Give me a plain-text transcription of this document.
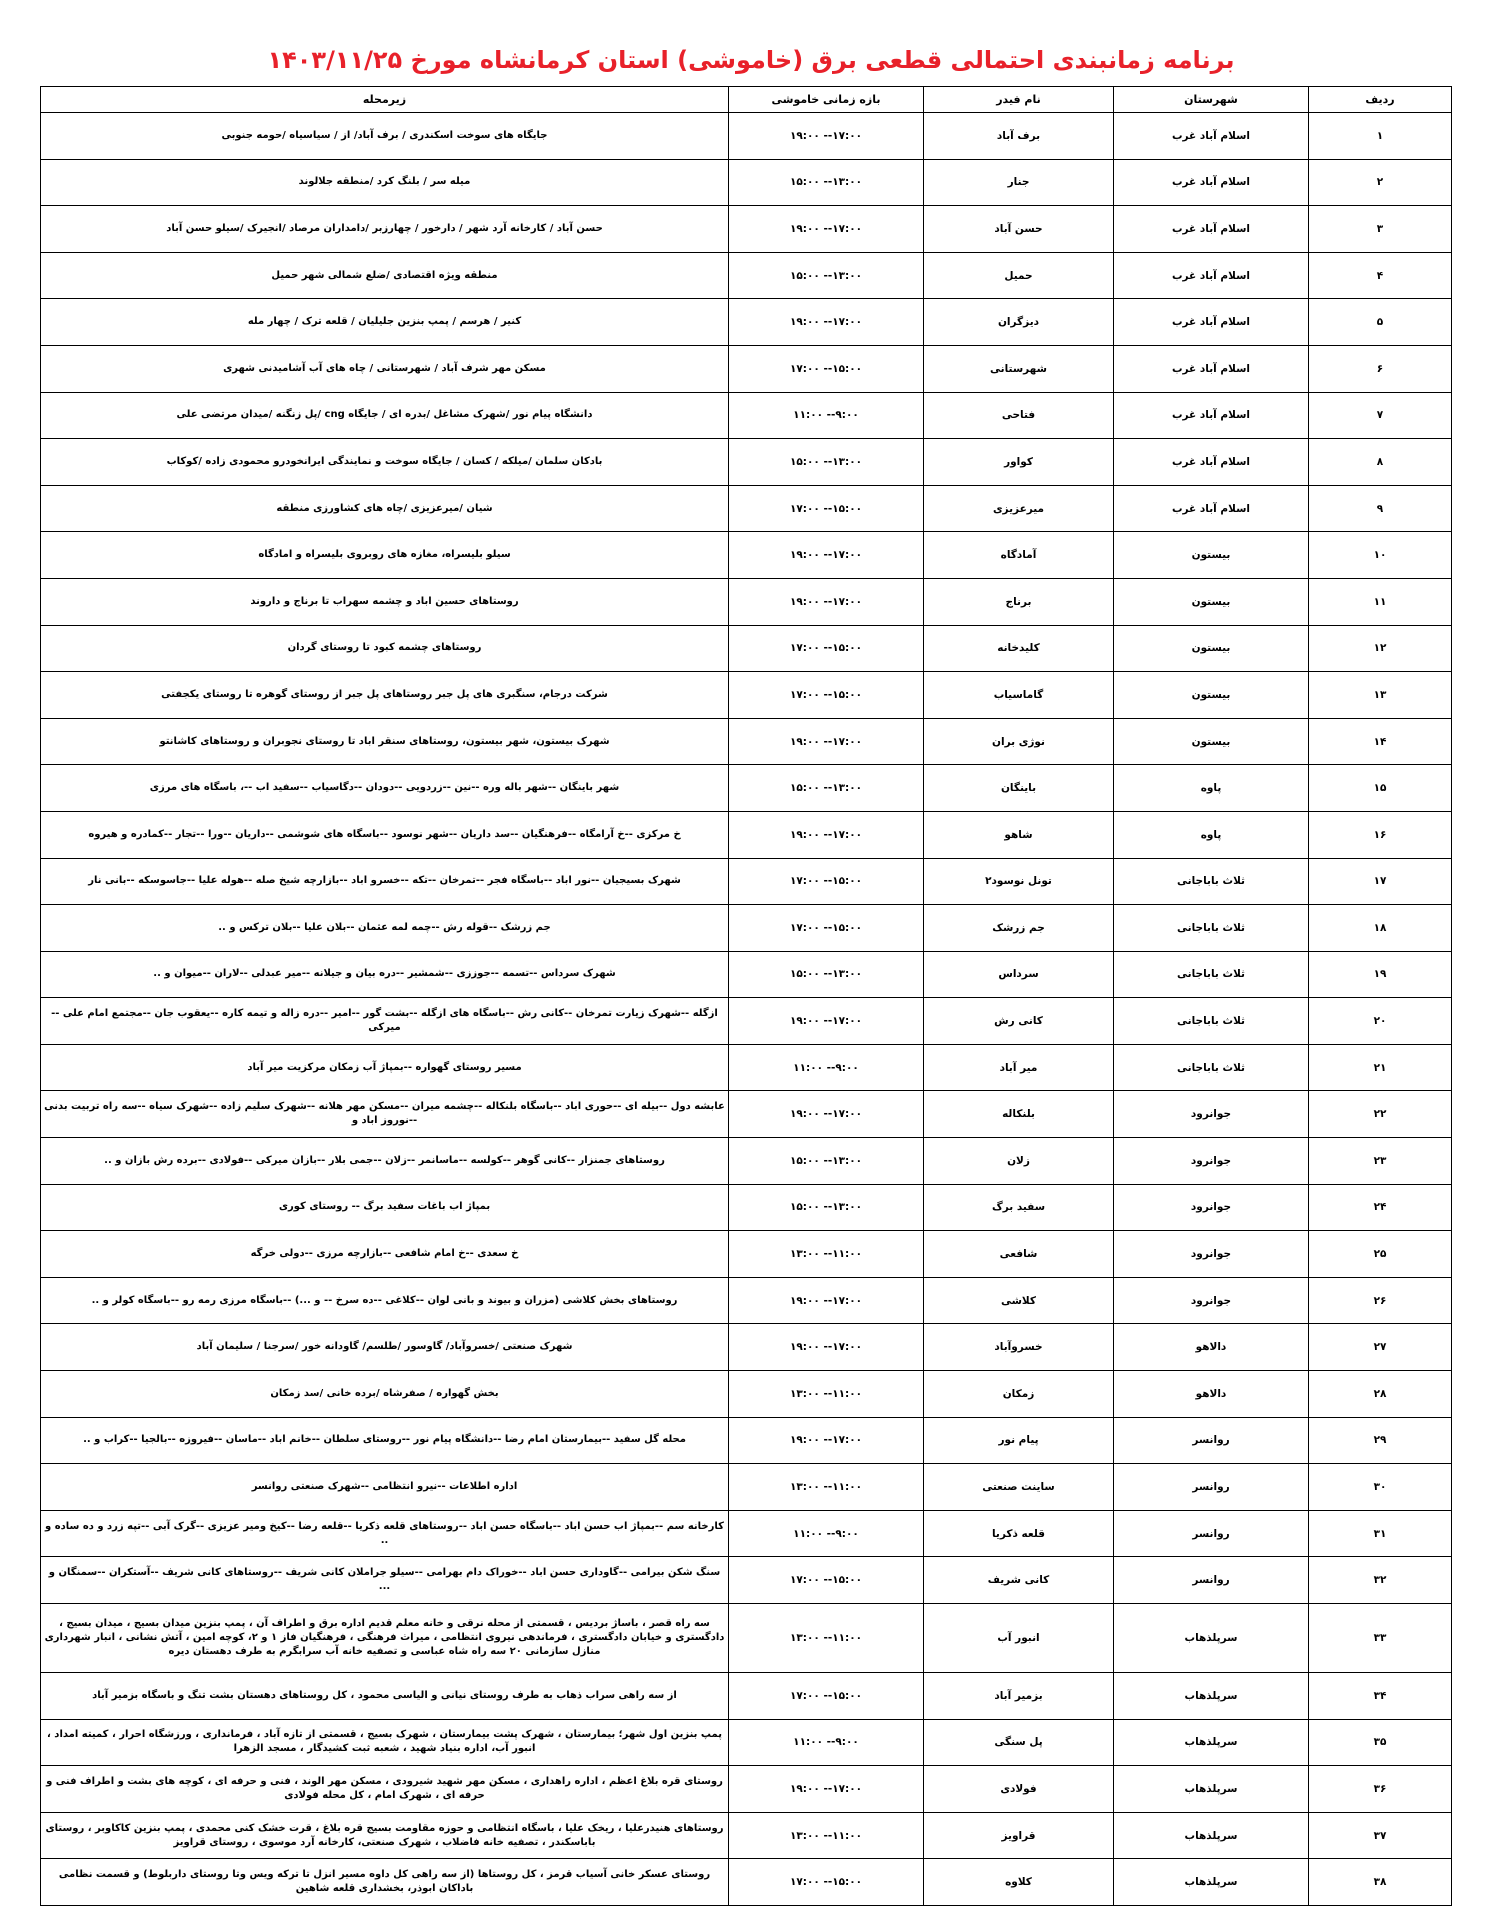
برنامه زمانبندی احتمالی قطعی برق (خاموشی) استان کرمانشاه مورخ ۱۴۰۳/۱۱/۲۵
ردیف	شهرستان	نام فیدر	بازه زمانی خاموشی	زیرمحله
۱	اسلام آباد غرب	برف آباد	۱۷:۰۰-- ۱۹:۰۰	جایگاه های سوخت اسکندری / برف آباد/ از / سیاسیاه /حومه جنوبی
۲	اسلام آباد غرب	جنار	۱۳:۰۰-- ۱۵:۰۰	میله سر / بلنگ کرد /منطقه جلالوند
۳	اسلام آباد غرب	حسن آباد	۱۷:۰۰-- ۱۹:۰۰	حسن آباد / کارخانه آرد شهر / دارخور / چهارزبر /دامداران مرصاد /انجیرک /سیلو حسن آباد
۴	اسلام آباد غرب	حمیل	۱۳:۰۰-- ۱۵:۰۰	منطقه ویژه اقتصادی /ضلع شمالی شهر حمیل
۵	اسلام آباد غرب	دیزگران	۱۷:۰۰-- ۱۹:۰۰	کنیر / هرسم / پمپ بنزین جلیلیان / قلعه ترک / چهار مله
۶	اسلام آباد غرب	شهرستانی	۱۵:۰۰-- ۱۷:۰۰	مسکن مهر شرف آباد / شهرستانی / چاه های آب آشامیدنی شهری
۷	اسلام آباد غرب	فتاحی	۹:۰۰-- ۱۱:۰۰	دانشگاه پیام نور /شهرک مشاغل /بدره ای / جایگاه cng /پل زنگنه /میدان مرتضی علی
۸	اسلام آباد غرب	کواور	۱۳:۰۰-- ۱۵:۰۰	بادکان سلمان /میلکه / کسان / جایگاه سوخت و نمایندگی ایرانخودرو محمودی زاده /کوکاب
۹	اسلام آباد غرب	میرعزیزی	۱۵:۰۰-- ۱۷:۰۰	شیان /میرعزیزی /چاه های کشاورزی منطقه
۱۰	بیستون	آمادگاه	۱۷:۰۰-- ۱۹:۰۰	سیلو بلیسراه، مغازه های روبروی بلیسراه و امادگاه
۱۱	بیستون	برناج	۱۷:۰۰-- ۱۹:۰۰	روستاهای حسین اباد و چشمه سهراب تا برناج و داروند
۱۲	بیستون	کلیدخانه	۱۵:۰۰-- ۱۷:۰۰	روستاهای چشمه کبود تا روستای گردان
۱۳	بیستون	گاماسیاب	۱۵:۰۰-- ۱۷:۰۰	شرکت درجام، سنگبری های پل جبر روستاهای پل جبر از روستای گوهره تا روستای یکجفتی
۱۴	بیستون	نوژی بران	۱۷:۰۰-- ۱۹:۰۰	شهرک بیستون، شهر بیستون، روستاهای سنقر اباد تا روستای نجوبران و روستاهای کاشانتو
۱۵	پاوه	باینگان	۱۳:۰۰-- ۱۵:۰۰	شهر باینگان --شهر باله وره --نین --زردویی --دودان --دگاسیاب --سفید اب --، باسگاه های مرزی
۱۶	پاوه	شاهو	۱۷:۰۰-- ۱۹:۰۰	خ مرکزی --خ آرامگاه --فرهنگیان --سد داریان --شهر نوسود --باسگاه های شوشمی --داریان --ورا --تجار --کمادره و هیروه
۱۷	ثلاث باباجانی	تونل نوسود۲	۱۵:۰۰-- ۱۷:۰۰	شهرک بسیجیان --نور اباد --باسگاه فجر --تمرخان --تکه --خسرو اباد --بازارچه شیخ صله --هوله علیا --جاسوسکه --بانی نار
۱۸	ثلاث باباجانی	جم زرشک	۱۵:۰۰-- ۱۷:۰۰	جم زرشک --قوله رش --چمه لمه عثمان --بلان علیا --بلان ترکس و ..
۱۹	ثلاث باباجانی	سرداس	۱۳:۰۰-- ۱۵:۰۰	شهرک سرداس --تسمه --جوززی --شمشیر --دره بیان و جیلانه --میر عبدلی --لاران --میوان و ..
۲۰	ثلاث باباجانی	کانی رش	۱۷:۰۰-- ۱۹:۰۰	ازگله --شهرک زیارت تمرخان --کانی رش --باسگاه های ازگله --بشت گور --امیر --دره زاله و تیمه کاره --یعقوب جان --مجتمع امام علی --میرکی
۲۱	ثلاث باباجانی	میر آباد	۹:۰۰-- ۱۱:۰۰	مسیر روستای گهواره --بمپاژ آب زمکان مرکزیت میر آباد
۲۲	جوانرود	بلنکاله	۱۷:۰۰-- ۱۹:۰۰	عابشه دول --بیله ای --حوری اباد --باسگاه بلنکاله --چشمه میران --مسکن مهر هلانه --شهرک سلیم زاده --شهرک سیاه --سه راه تربیت بدنی --نوروز اباد و
۲۳	جوانرود	زلان	۱۳:۰۰-- ۱۵:۰۰	روستاهای جمنزار --کانی گوهر --کولسه --ماسانمر --زلان --جمی بلار --بازان میرکی --فولادی --برده رش بازان و ..
۲۴	جوانرود	سفید برگ	۱۳:۰۰-- ۱۵:۰۰	بمپاژ اب باغات سفید برگ -- روستای کوری
۲۵	جوانرود	شافعی	۱۱:۰۰-- ۱۳:۰۰	خ سعدی --خ امام شافعی --بازارچه مرزی --دولی خرگه
۲۶	جوانرود	کلاشی	۱۷:۰۰-- ۱۹:۰۰	روستاهای بخش کلاشی (مزران و بیوند و بانی لوان --کلاغی --ده سرخ -- و ...) --باسگاه مرزی رمه رو --باسگاه کولر و ..
۲۷	دالاهو	خسروآباد	۱۷:۰۰-- ۱۹:۰۰	شهرک صنعتی /خسروآباد/ گاوسور /طلسم/ گاودانه خور /سرجنا / سلیمان آباد
۲۸	دالاهو	زمکان	۱۱:۰۰-- ۱۳:۰۰	بخش گهواره / صفرشاه /برده خانی /سد زمکان
۲۹	روانسر	پیام نور	۱۷:۰۰-- ۱۹:۰۰	محله گل سفید --بیمارستان امام رضا --دانشگاه پیام نور --روستای سلطان --خانم اباد --ماسان --فیروزه --بالجیا --کراب و ..
۳۰	روانسر	ساینت صنعتی	۱۱:۰۰-- ۱۳:۰۰	اداره اطلاعات --نیرو انتظامی --شهرک صنعتی روانسر
۳۱	روانسر	قلعه ذکریا	۹:۰۰-- ۱۱:۰۰	کارخانه سم --بمپاژ اب حسن اباد --باسگاه حسن اباد --روستاهای قلعه ذکریا --قلعه رضا --کیخ ومیر عزیزی --گرک آبی --تپه زرد و ده ساده و ..
۳۲	روانسر	کانی شریف	۱۵:۰۰-- ۱۷:۰۰	سنگ شکن بیرامی --گاوداری حسن اباد --خوراک دام بهرامی --سیلو جراملان کانی شریف --روستاهای کانی شریف --آستکران --سمنگان و ...
۳۳	سرپلذهاب	انبور آب	۱۱:۰۰-- ۱۳:۰۰	سه راه قصر ، باساژ بردیس ، قسمتی از محله نرقی و خانه معلم قدیم اداره برق و اطراف آن ، پمپ بنزین میدان بسیج ، میدان بسیج ، دادگستری و خیابان دادگستری ، فرماندهی نیروی انتظامی ، میراث فرهنگی ، فرهنگیان فاز ۱ و ۲، کوچه امین ، آتش نشانی ، انبار شهرداری منازل سازمانی ۲۰ سه راه شاه عباسی و تصفیه خانه آب سرابگرم به طرف دهستان دیره
۳۴	سرپلذهاب	بزمیر آباد	۱۵:۰۰-- ۱۷:۰۰	از سه راهی سراب ذهاب به طرف روستای نیانی و الیاسی محمود ، کل روستاهای دهستان بشت تنگ و باسگاه بزمیر آباد
۳۵	سرپلذهاب	پل سنگی	۹:۰۰-- ۱۱:۰۰	پمپ بنزین اول شهر؛ بیمارستان ، شهرک پشت بیمارستان ، شهرک بسیج ، قسمتی از تازه آباد ، فرمانداری ، ورزشگاه احرار ، کمیته امداد ، انبور آب، اداره بنیاد شهید ، شعبه ثبت کشیدگار ، مسجد الزهرا
۳۶	سرپلذهاب	فولادی	۱۷:۰۰-- ۱۹:۰۰	روستای قره بلاغ اعظم ، اداره راهداری ، مسکن مهر شهید شیرودی ، مسکن مهر الوند ، فنی و حرفه ای ، کوچه های بشت و اطراف فنی و حرفه ای ، شهرک امام ، کل محله فولادی
۳۷	سرپلذهاب	قراویز	۱۱:۰۰-- ۱۳:۰۰	روستاهای هنیدرعلیا ، ریخک علیا ، باسگاه انتظامی و حوزه مقاومت بسیج قره بلاغ ، قرت خشک کنی محمدی ، پمپ بنزین کاکاوبر ، روستای باباسکندر ، تصفیه خانه فاضلاب ، شهرک صنعتی، کارخانه آرد موسوی ، روستای قراویز
۳۸	سرپلذهاب	کلاوه	۱۵:۰۰-- ۱۷:۰۰	روستای عسکر خانی آسیاب قرمز ، کل روستاها (از سه راهی کل داوه مسیر انزل تا ترکه ویس وتا روستای داربلوط) و قسمت نظامی باداکان ابوذر، بخشداری قلعه شاهین
